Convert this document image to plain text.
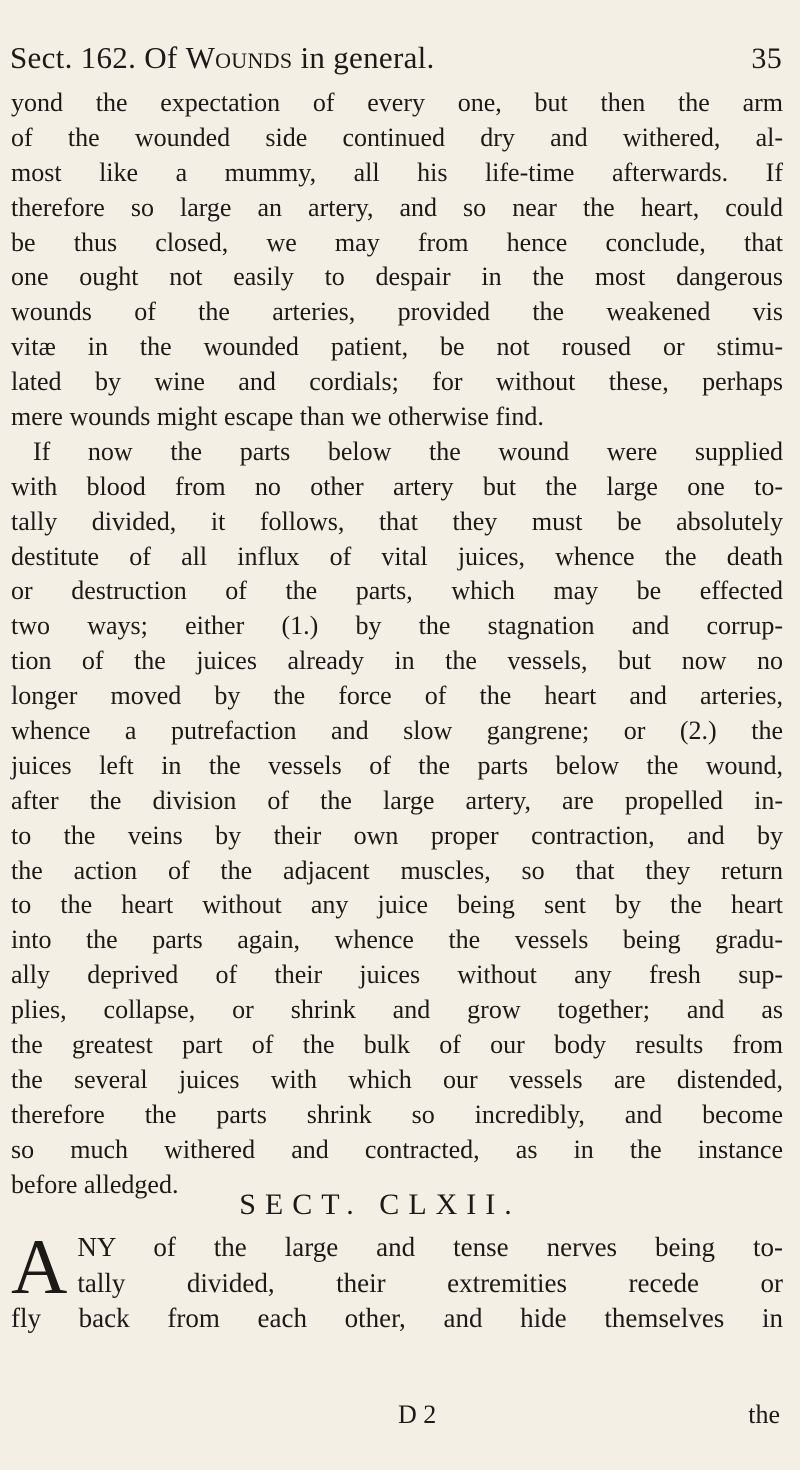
Sect. 162. Of Wounds in general.	35
yond the expectation of every one, but then the arm
of the wounded side continued dry and withered, al-
most like a mummy, all his life-time afterwards. If
therefore so large an artery, and so near the heart, could
be thus closed, we may from hence conclude, that
one ought not easily to despair in the most dangerous
wounds of the arteries, provided the weakened vis
vitæ in the wounded patient, be not roused or stimu-
lated by wine and cordials; for without these, perhaps
mere wounds might escape than we otherwise find.
If now the parts below the wound were supplied
with blood from no other artery but the large one to-
tally divided, it follows, that they must be absolutely
destitute of all influx of vital juices, whence the death
or destruction of the parts, which may be effected
two ways; either (1.) by the stagnation and corrup-
tion of the juices already in the vessels, but now no
longer moved by the force of the heart and arteries,
whence a putrefaction and slow gangrene; or (2.) the
juices left in the vessels of the parts below the wound,
after the division of the large artery, are propelled in-
to the veins by their own proper contraction, and by
the action of the adjacent muscles, so that they return
to the heart without any juice being sent by the heart
into the parts again, whence the vessels being gradu-
ally deprived of their juices without any fresh sup-
plies, collapse, or shrink and grow together; and as
the greatest part of the bulk of our body results from
the several juices with which our vessels are distended,
therefore the parts shrink so incredibly, and become
so much withered and contracted, as in the instance
before alledged.
SECT. CLXII.
A NY of the large and tense nerves being to-
tally divided, their extremities recede or
fly back from each other, and hide themselves in
D 2	the
